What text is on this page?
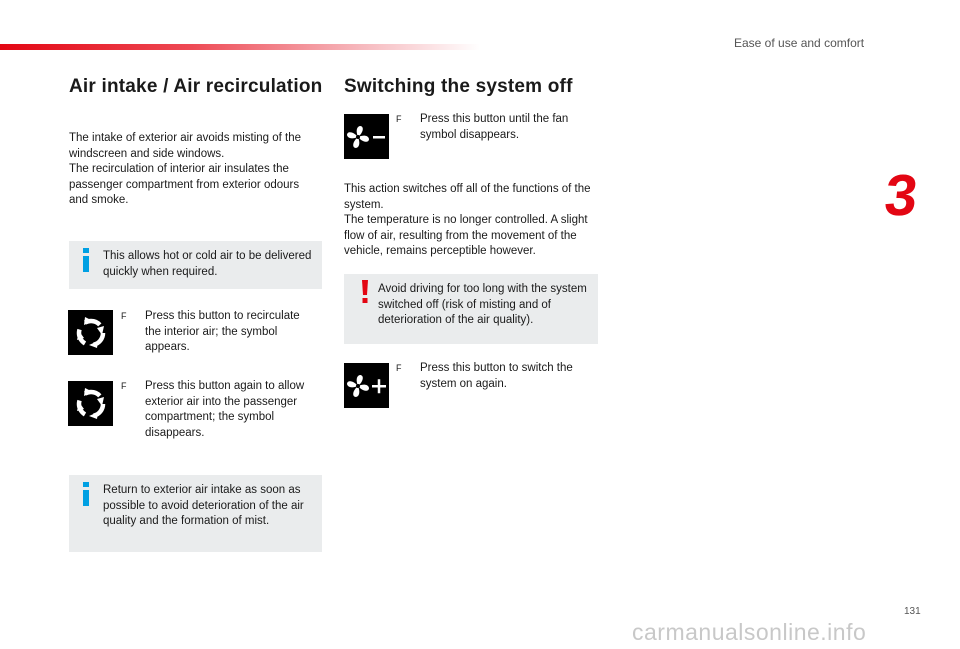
Ease of use and comfort
3
Air intake / Air recirculation

The intake of exterior air avoids misting of the windscreen and side windows.
The recirculation of interior air insulates the passenger compartment from exterior odours and smoke.

This allows hot or cold air to be delivered quickly when required.
F	Press this button to recirculate the interior air; the symbol appears.
F	Press this button again to allow exterior air into the passenger compartment; the symbol disappears.
Return to exterior air intake as soon as possible to avoid deterioration of the air quality and the formation of mist.
Switching the system off
F	Press this button until the fan symbol disappears.

This action switches off all of the functions of the system.
The temperature is no longer controlled. A slight flow of air, resulting from the movement of the vehicle, remains perceptible however.

Avoid driving for too long with the system switched off (risk of misting and of deterioration of the air quality).
F	Press this button to switch the system on again.
131
carmanualsonline.info
